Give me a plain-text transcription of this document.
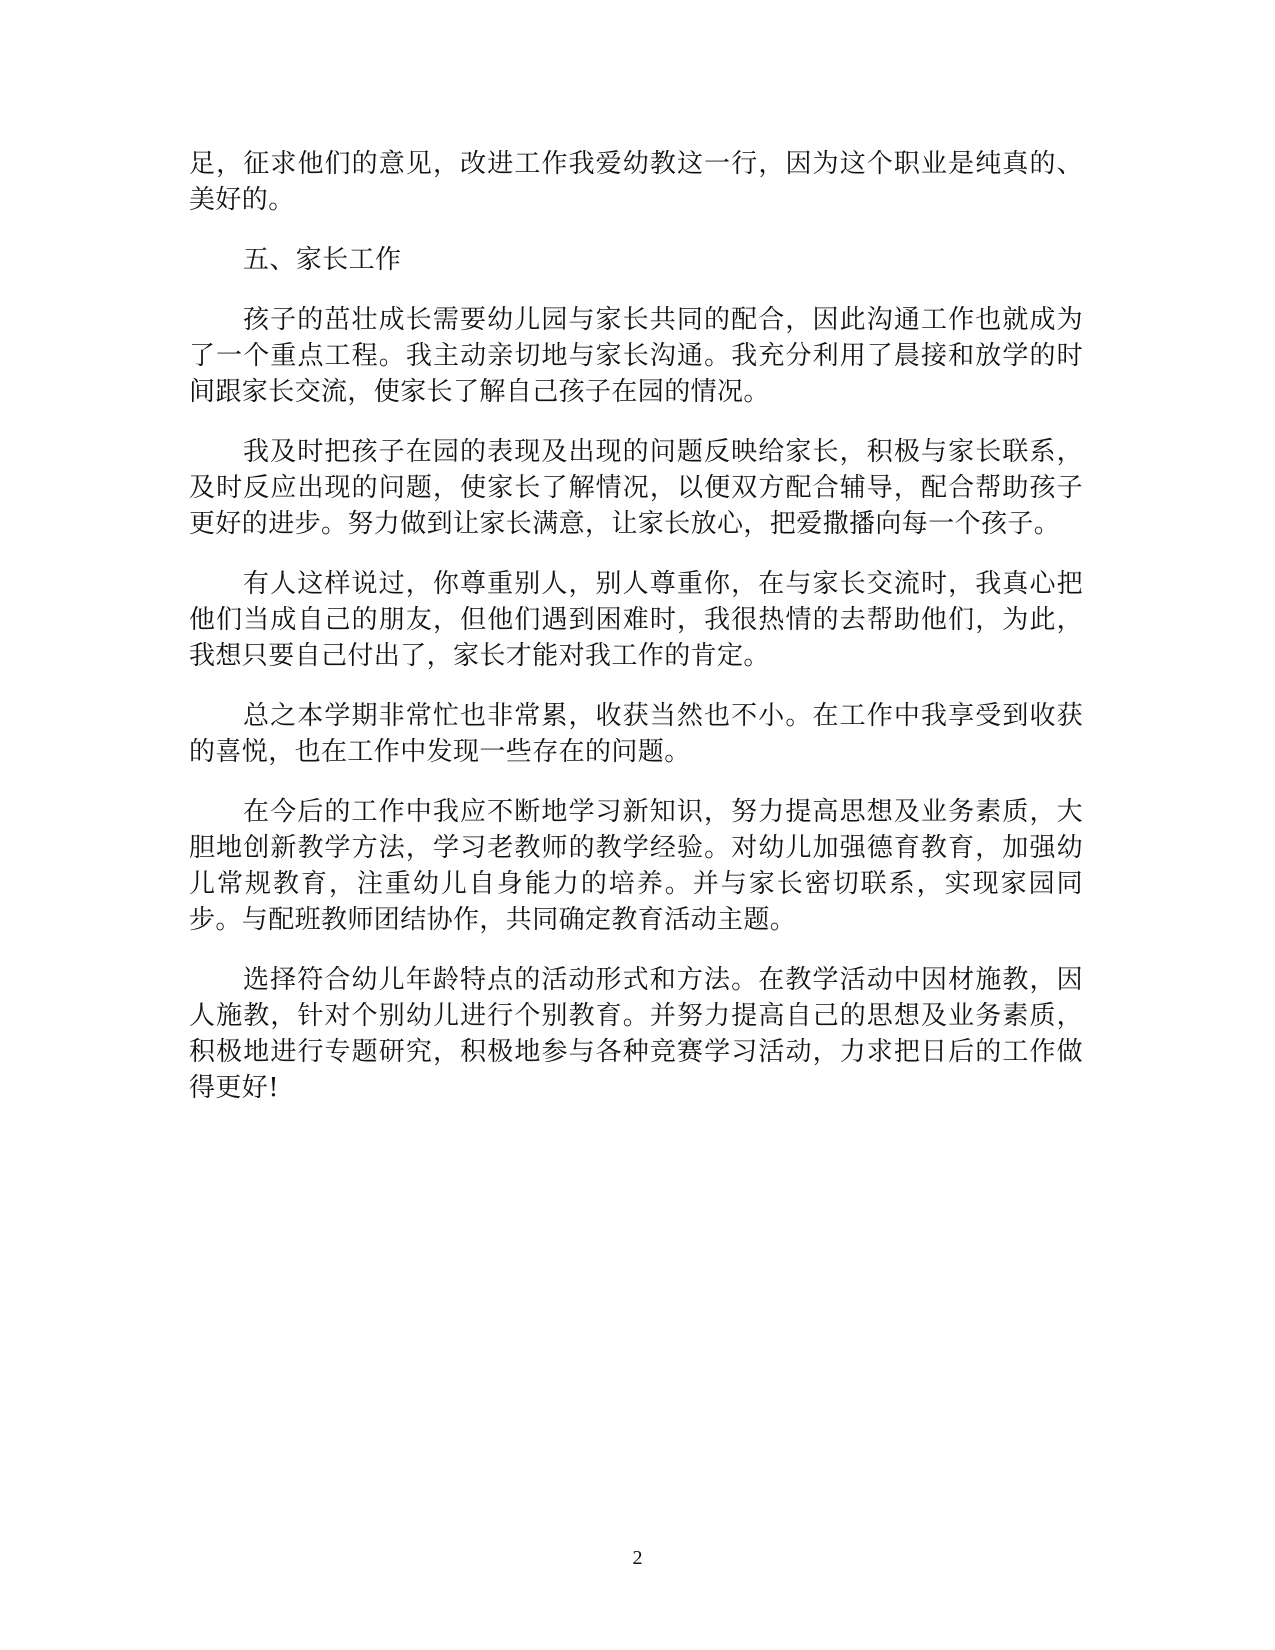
足，征求他们的意见，改进工作我爱幼教这一行，因为这个职业是纯真的、美好的。

五、家长工作

孩子的茁壮成长需要幼儿园与家长共同的配合，因此沟通工作也就成为了一个重点工程。我主动亲切地与家长沟通。我充分利用了晨接和放学的时间跟家长交流，使家长了解自己孩子在园的情况。

我及时把孩子在园的表现及出现的问题反映给家长，积极与家长联系，及时反应出现的问题，使家长了解情况，以便双方配合辅导，配合帮助孩子更好的进步。努力做到让家长满意，让家长放心，把爱撒播向每一个孩子。

有人这样说过，你尊重别人，别人尊重你，在与家长交流时，我真心把他们当成自己的朋友，但他们遇到困难时，我很热情的去帮助他们，为此，我想只要自己付出了，家长才能对我工作的肯定。

总之本学期非常忙也非常累，收获当然也不小。在工作中我享受到收获的喜悦，也在工作中发现一些存在的问题。

在今后的工作中我应不断地学习新知识，努力提高思想及业务素质，大胆地创新教学方法，学习老教师的教学经验。对幼儿加强德育教育，加强幼儿常规教育，注重幼儿自身能力的培养。并与家长密切联系，实现家园同步。与配班教师团结协作，共同确定教育活动主题。

选择符合幼儿年龄特点的活动形式和方法。在教学活动中因材施教，因人施教，针对个别幼儿进行个别教育。并努力提高自己的思想及业务素质，积极地进行专题研究，积极地参与各种竞赛学习活动，力求把日后的工作做得更好!

2
